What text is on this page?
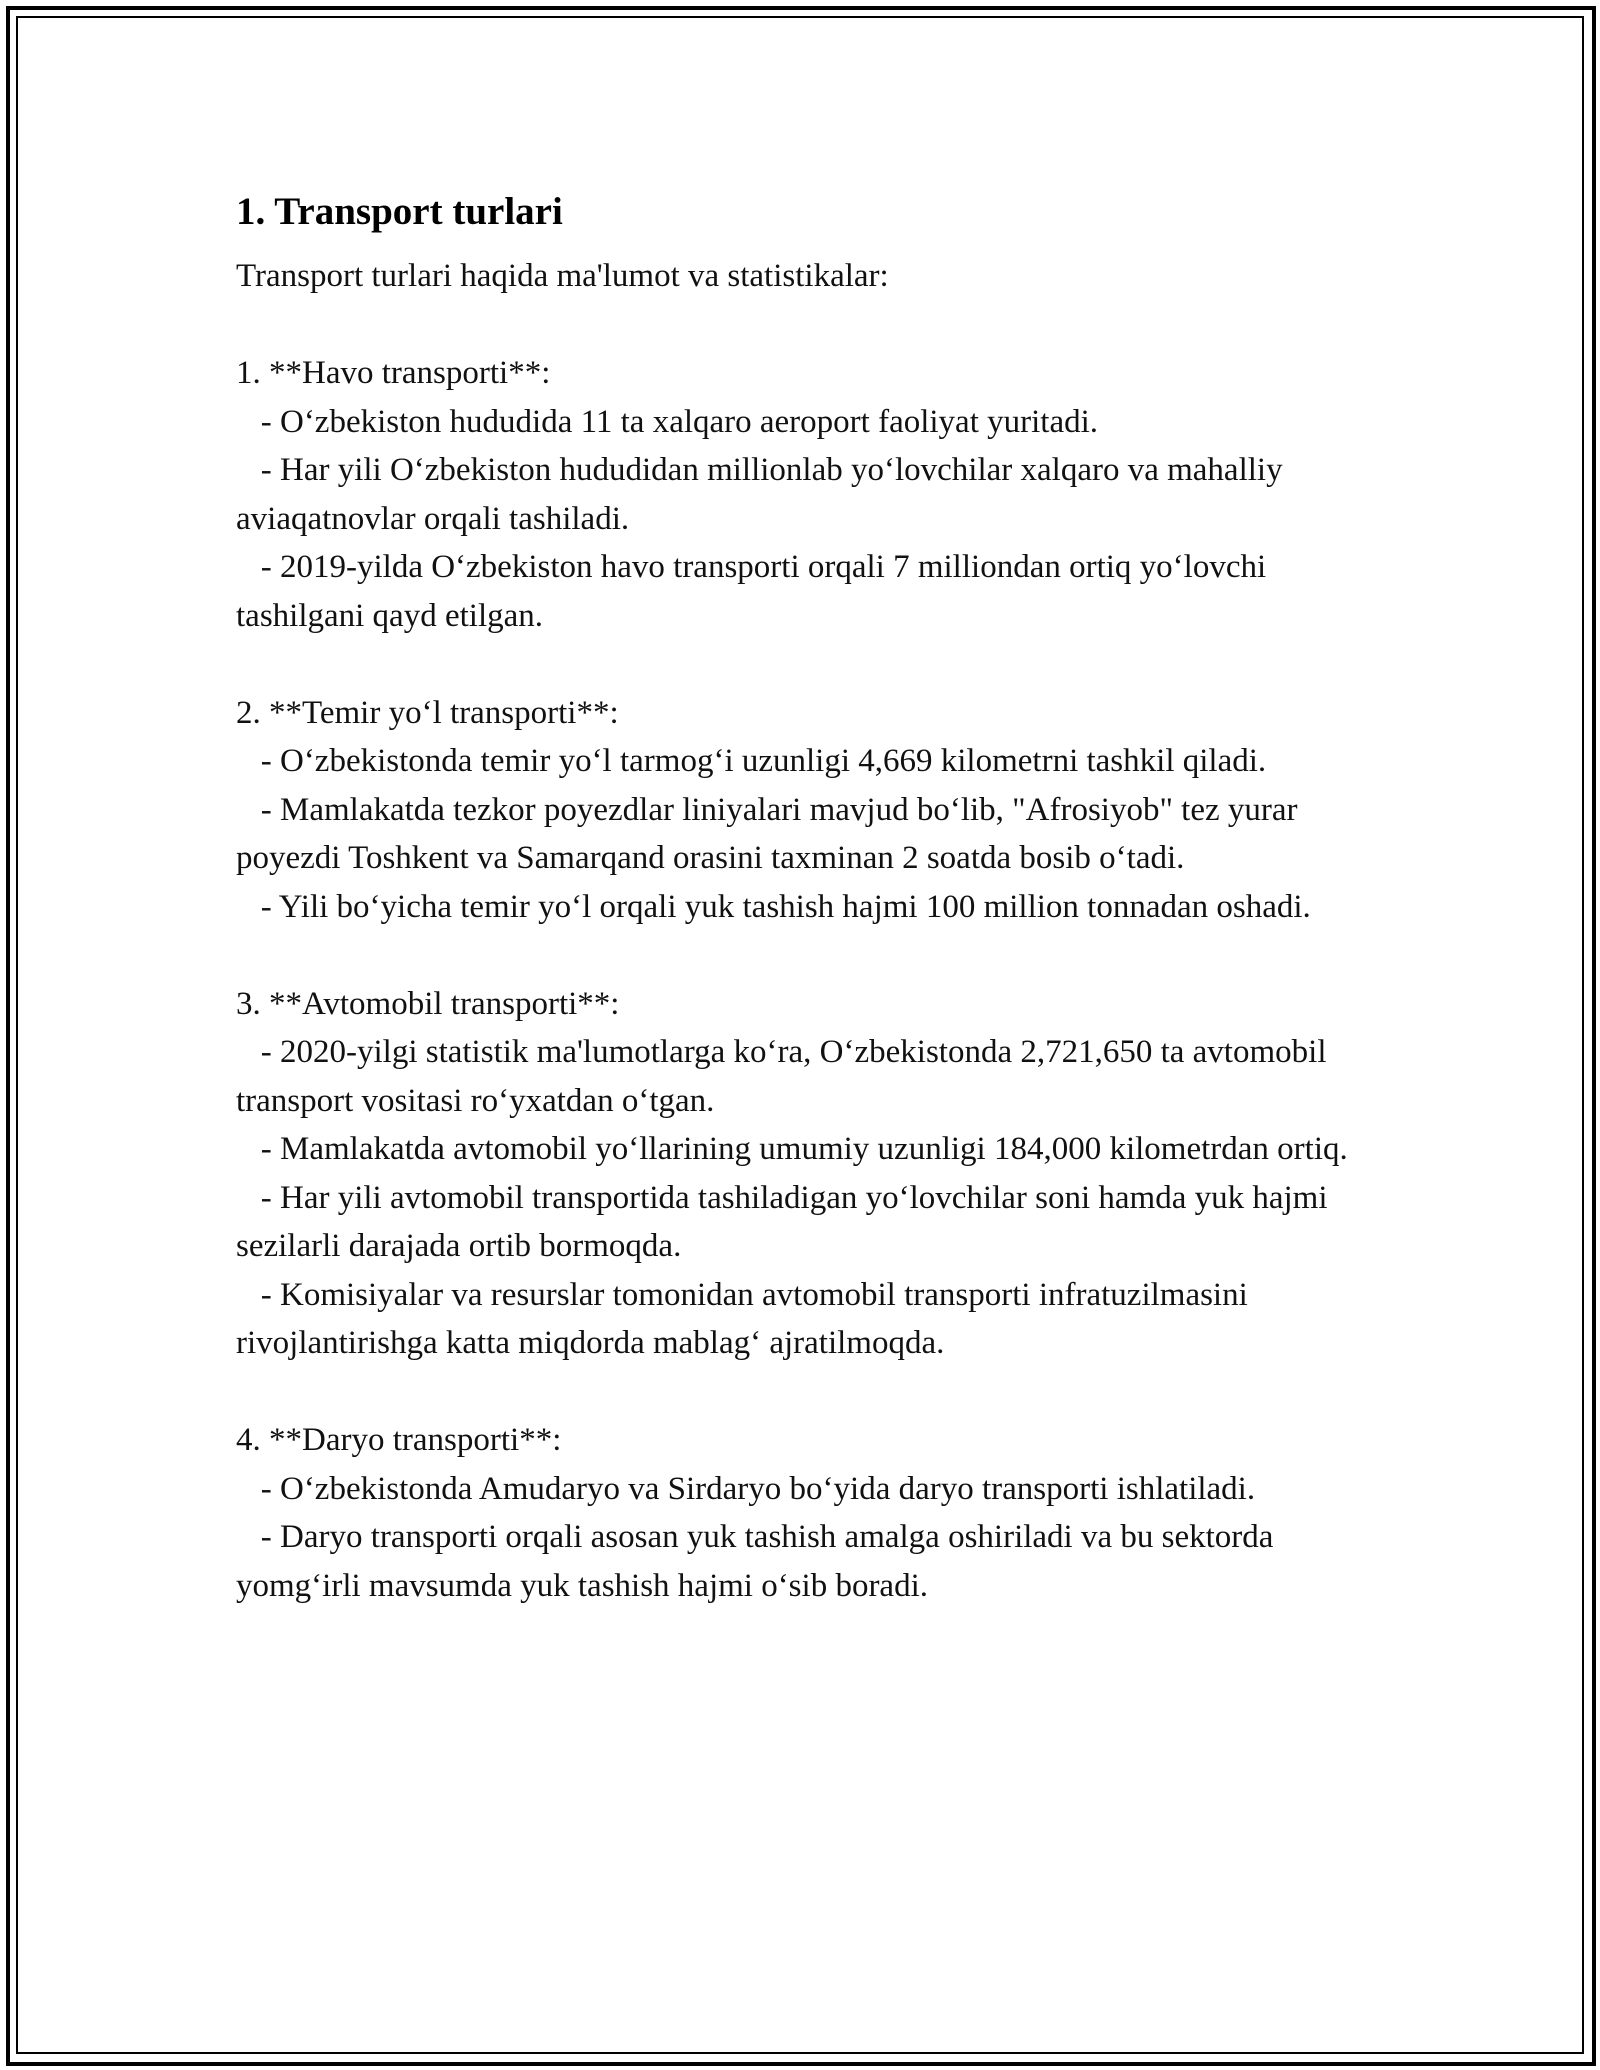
1. Transport turlari
Transport turlari haqida ma'lumot va statistikalar:
1. **Havo transporti**:
- O‘zbekiston hududida 11 ta xalqaro aeroport faoliyat yuritadi.
- Har yili O‘zbekiston hududidan millionlab yo‘lovchilar xalqaro va mahalliy aviaqatnovlar orqali tashiladi.
- 2019-yilda O‘zbekiston havo transporti orqali 7 milliondan ortiq yo‘lovchi tashilgani qayd etilgan.
2. **Temir yo‘l transporti**:
- O‘zbekistonda temir yo‘l tarmog‘i uzunligi 4,669 kilometrni tashkil qiladi.
- Mamlakatda tezkor poyezdlar liniyalari mavjud bo‘lib, "Afrosiyob" tez yurar poyezdi Toshkent va Samarqand orasini taxminan 2 soatda bosib o‘tadi.
- Yili bo‘yicha temir yo‘l orqali yuk tashish hajmi 100 million tonnadan oshadi.
3. **Avtomobil transporti**:
- 2020-yilgi statistik ma'lumotlarga ko‘ra, O‘zbekistonda 2,721,650 ta avtomobil transport vositasi ro‘yxatdan o‘tgan.
- Mamlakatda avtomobil yo‘llarining umumiy uzunligi 184,000 kilometrdan ortiq.
- Har yili avtomobil transportida tashiladigan yo‘lovchilar soni hamda yuk hajmi sezilarli darajada ortib bormoqda.
- Komisiyalar va resurslar tomonidan avtomobil transporti infratuzilmasini rivojlantirishga katta miqdorda mablag‘ ajratilmoqda.
4. **Daryo transporti**:
- O‘zbekistonda Amudaryo va Sirdaryo bo‘yida daryo transporti ishlatiladi.
- Daryo transporti orqali asosan yuk tashish amalga oshiriladi va bu sektorda yomg‘irli mavsumda yuk tashish hajmi o‘sib boradi.
